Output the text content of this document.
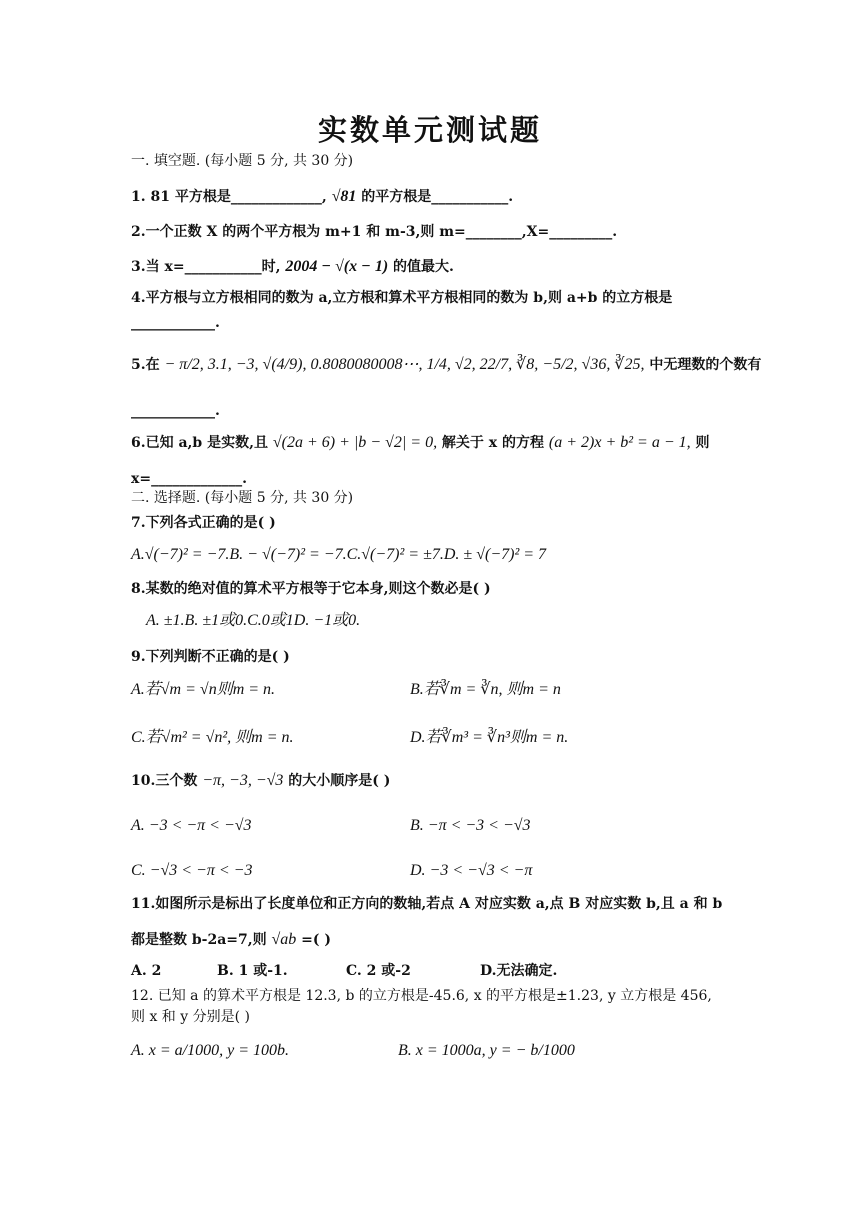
实数单元测试题
一. 填空题. (每小题 5 分, 共 30 分)
1. 81 平方根是_____________, √81 的平方根是___________.
2.一个正数 X 的两个平方根为 m+1 和 m-3,则 m=________,X=_________.
3.当 x=___________时, 2004 − √(x − 1) 的值最大.
4.平方根与立方根相同的数为 a,立方根和算术平方根相同的数为 b,则 a+b 的立方根是
____________.
5.在 − π/2, 3.1, −3, √(4/9), 0.8080080008⋯, 1/4, √2, 22/7, ∛8, −5/2, √36, ∛25, 中无理数的个数有
____________.
6.已知 a,b 是实数,且 √(2a + 6) + |b − √2| = 0, 解关于 x 的方程 (a + 2)x + b² = a − 1, 则
x=_____________.
二. 选择题. (每小题 5 分, 共 30 分)
7.下列各式正确的是( )
A.√(−7)² = −7.B. − √(−7)² = −7.C.√(−7)² = ±7.D. ± √(−7)² = 7
8.某数的绝对值的算术平方根等于它本身,则这个数必是( )
A. ±1.B. ±1或0.C.0或1D. −1或0.
9.下列判断不正确的是( )
A.若√m = √n则m = n.	B.若∛m = ∛n, 则m = n
C.若√m² = √n², 则m = n.	D.若∛m³ = ∛n³则m = n.
10.三个数 −π, −3, −√3 的大小顺序是( )
A. −3 < −π < −√3	B. −π < −3 < −√3
C. −√3 < −π < −3	D. −3 < −√3 < −π
11.如图所示是标出了长度单位和正方向的数轴,若点 A 对应实数 a,点 B 对应实数 b,且 a 和 b
都是整数 b-2a=7,则 √ab =( )
A. 2	B. 1 或-1.	C. 2 或-2	D.无法确定.
12. 已知 a 的算术平方根是 12.3, b 的立方根是-45.6, x 的平方根是±1.23, y 立方根是 456,
则 x 和 y 分别是( )
A. x = a/1000, y = 100b.	B. x = 1000a, y = − b/1000
